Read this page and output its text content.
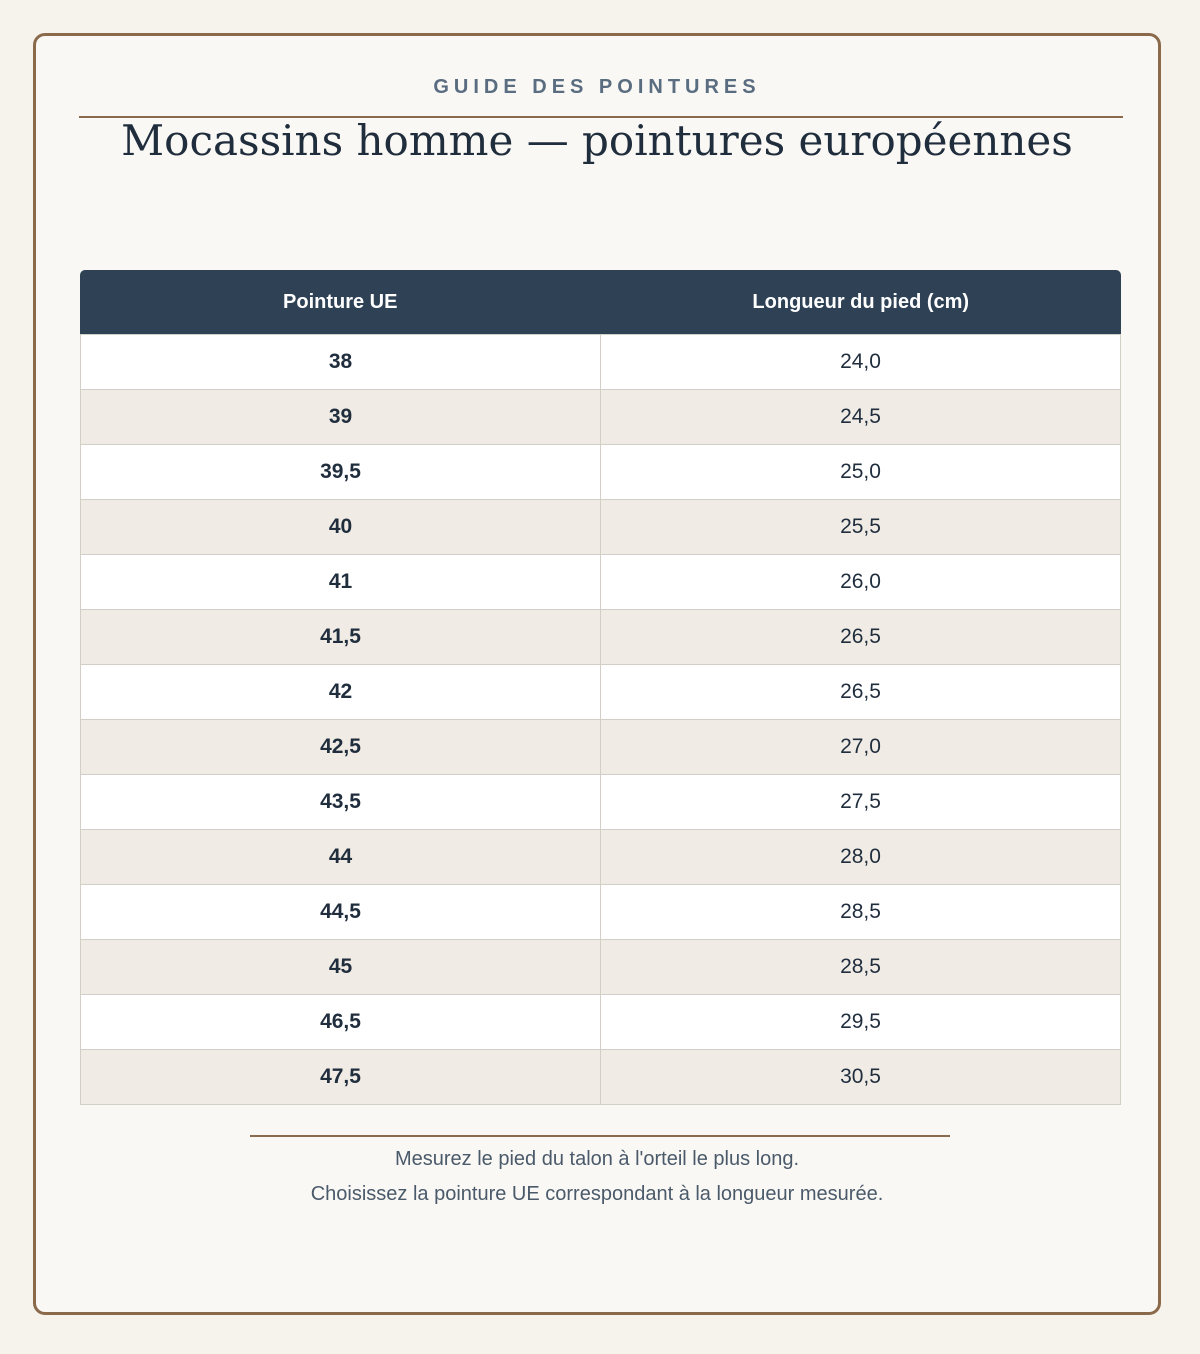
GUIDE DES POINTURES
Mocassins homme — pointures européennes
Pointure UE	Longueur du pied (cm)
38	24,0
39	24,5
39,5	25,0
40	25,5
41	26,0
41,5	26,5
42	26,5
42,5	27,0
43,5	27,5
44	28,0
44,5	28,5
45	28,5
46,5	29,5
47,5	30,5
Mesurez le pied du talon à l'orteil le plus long.
Choisissez la pointure UE correspondant à la longueur mesurée.
